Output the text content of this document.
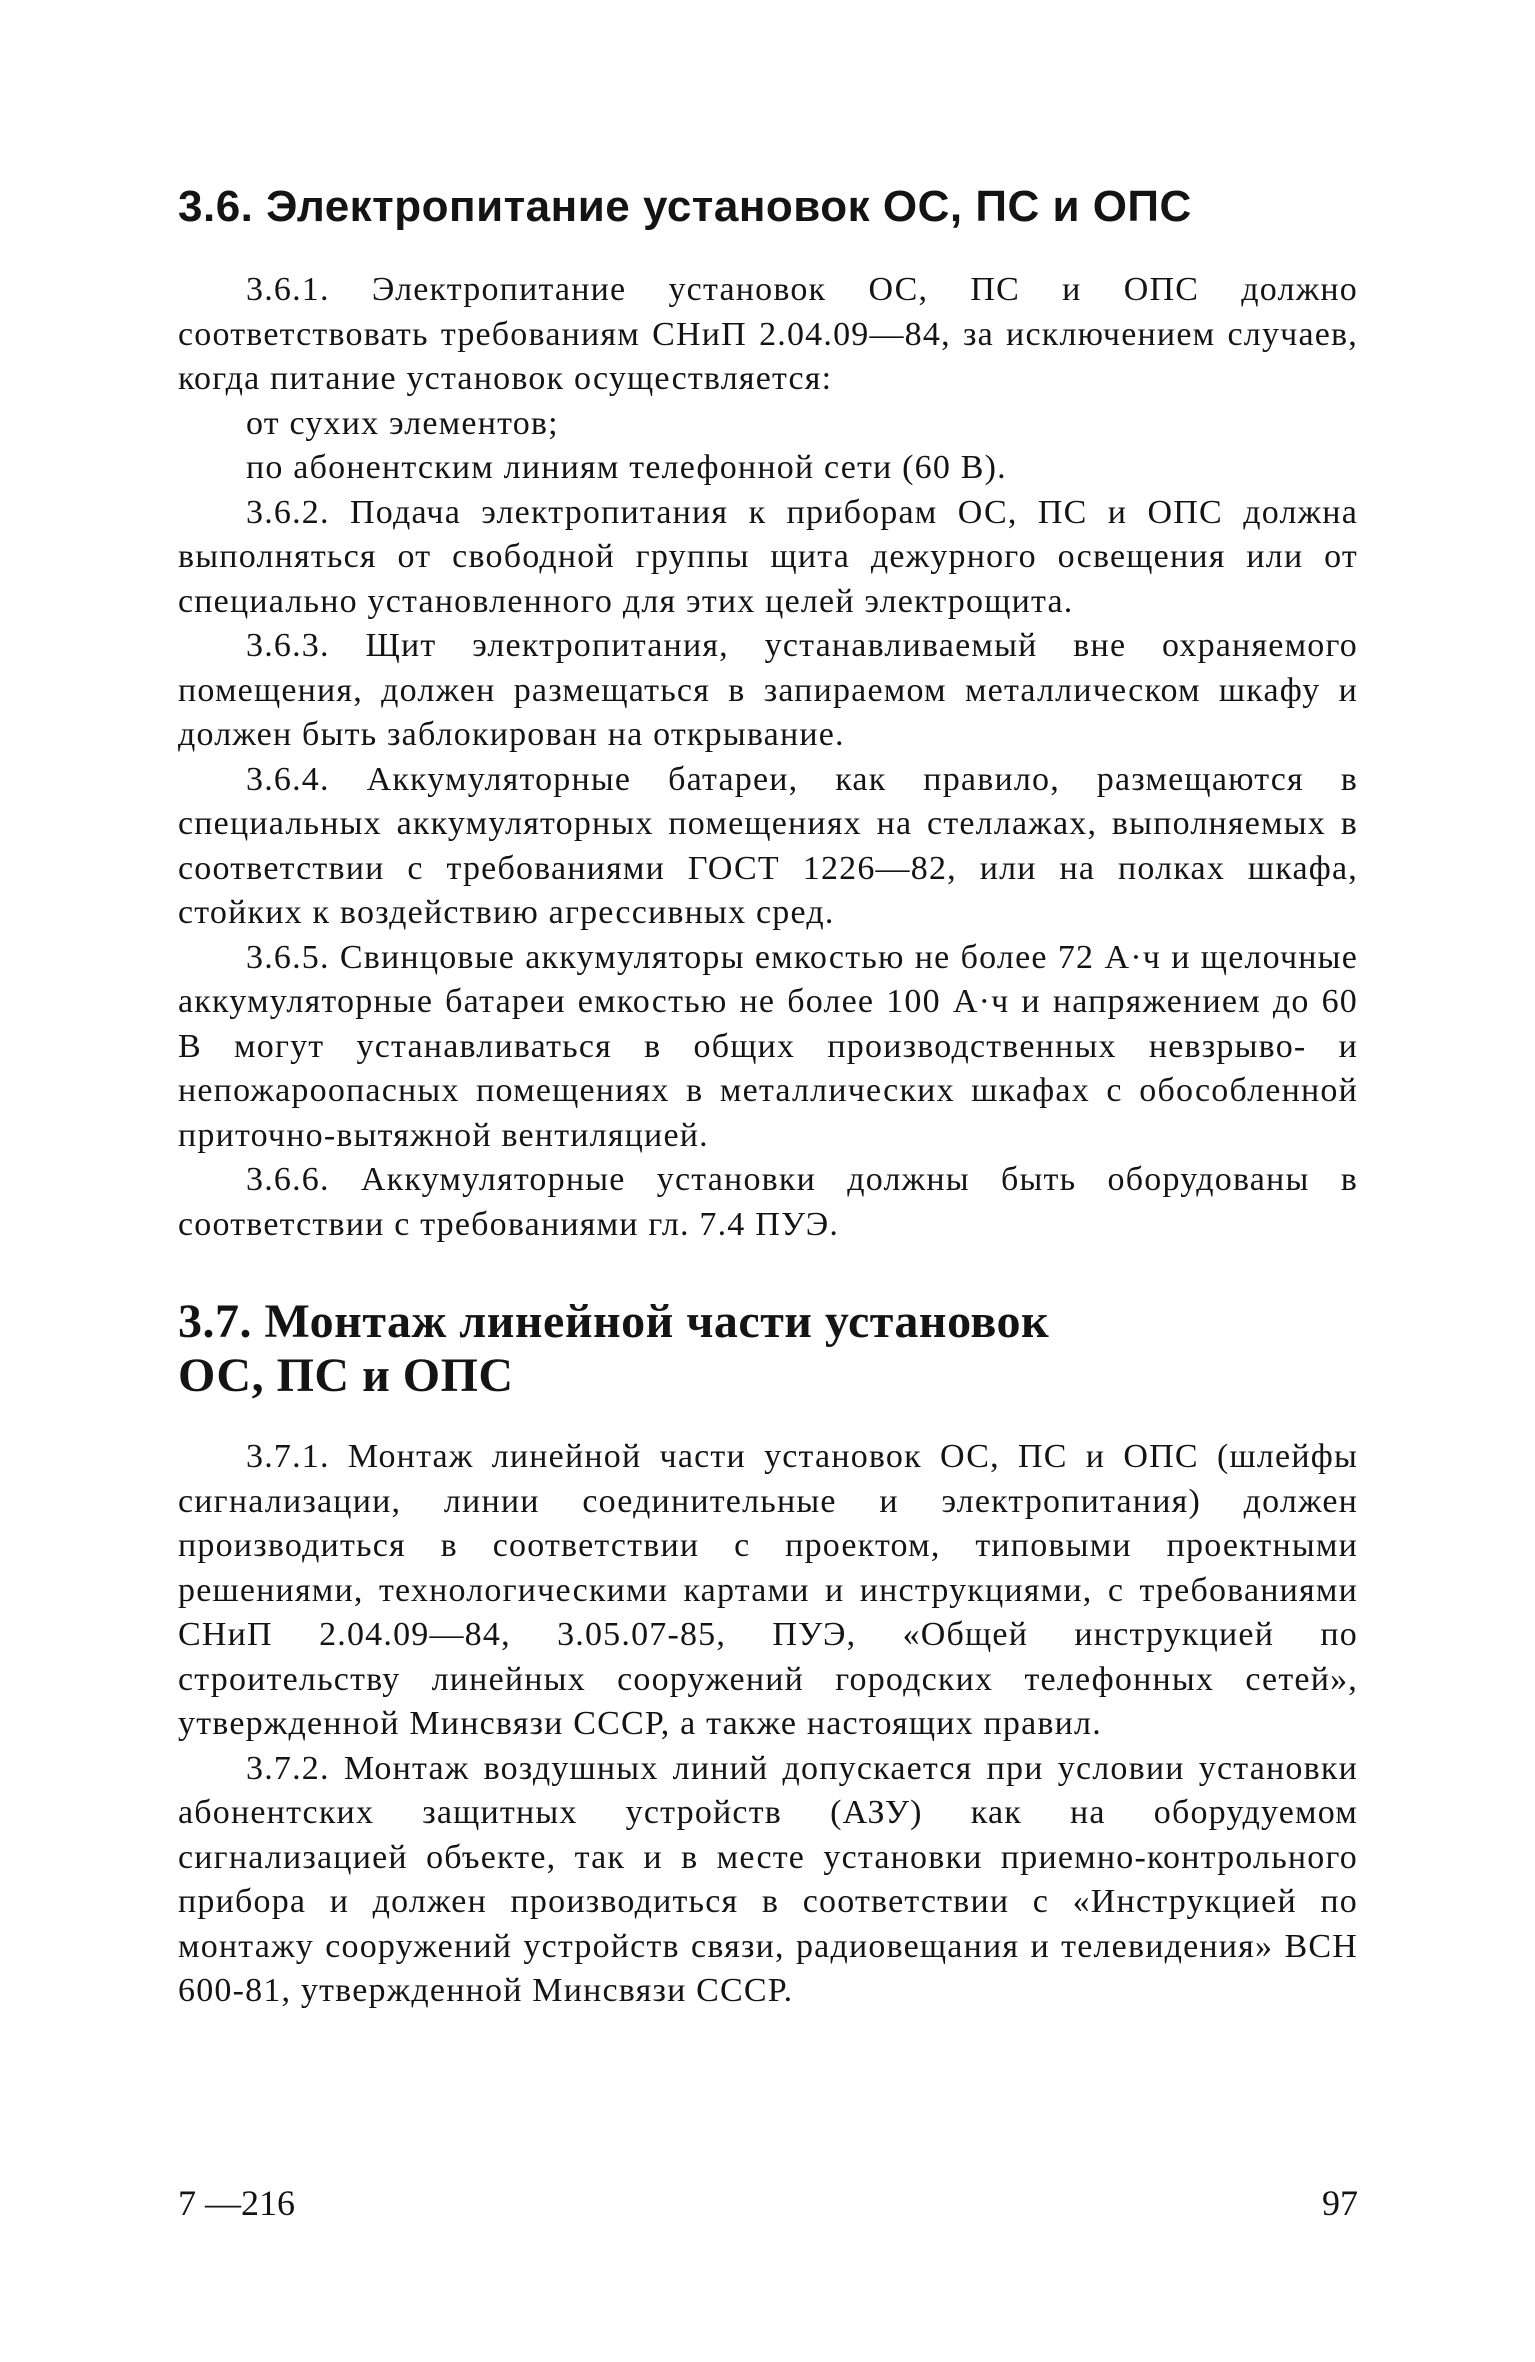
3.6. Электропитание установок ОС, ПС и ОПС

3.6.1. Электропитание установок ОС, ПС и ОПС должно соответствовать требованиям СНиП 2.04.09—84, за исключением случаев, когда питание установок осуществляется:

от сухих элементов;

по абонентским линиям телефонной сети (60 В).

3.6.2. Подача электропитания к приборам ОС, ПС и ОПС должна выполняться от свободной группы щита дежурного освещения или от специально установленного для этих целей электрощита.

3.6.3. Щит электропитания, устанавливаемый вне охраняемого помещения, должен размещаться в запираемом металлическом шкафу и должен быть заблокирован на открывание.

3.6.4. Аккумуляторные батареи, как правило, размещаются в специальных аккумуляторных помещениях на стеллажах, выполняемых в соответствии с требованиями ГОСТ 1226—82, или на полках шкафа, стойких к воздействию агрессивных сред.

3.6.5. Свинцовые аккумуляторы емкостью не более 72 А·ч и щелочные аккумуляторные батареи емкостью не более 100 А·ч и напряжением до 60 В могут устанавливаться в общих производственных невзрыво- и непожароопасных помещениях в металлических шкафах с обособленной приточно-вытяжной вентиляцией.

3.6.6. Аккумуляторные установки должны быть оборудованы в соответствии с требованиями гл. 7.4 ПУЭ.

3.7. Монтаж линейной части установок
ОС, ПС и ОПС

3.7.1. Монтаж линейной части установок ОС, ПС и ОПС (шлейфы сигнализации, линии соединительные и электропитания) должен производиться в соответствии с проектом, типовыми проектными решениями, технологическими картами и инструкциями, с требованиями СНиП 2.04.09—84, 3.05.07-85, ПУЭ, «Общей инструкцией по строительству линейных сооружений городских телефонных сетей», утвержденной Минсвязи СССР, а также настоящих правил.

3.7.2. Монтаж воздушных линий допускается при условии установки абонентских защитных устройств (АЗУ) как на оборудуемом сигнализацией объекте, так и в месте установки приемно-контрольного прибора и должен производиться в соответствии с «Инструкцией по монтажу сооружений устройств связи, радиовещания и телевидения» ВСН 600-81, утвержденной Минсвязи СССР.

7 —216	97
